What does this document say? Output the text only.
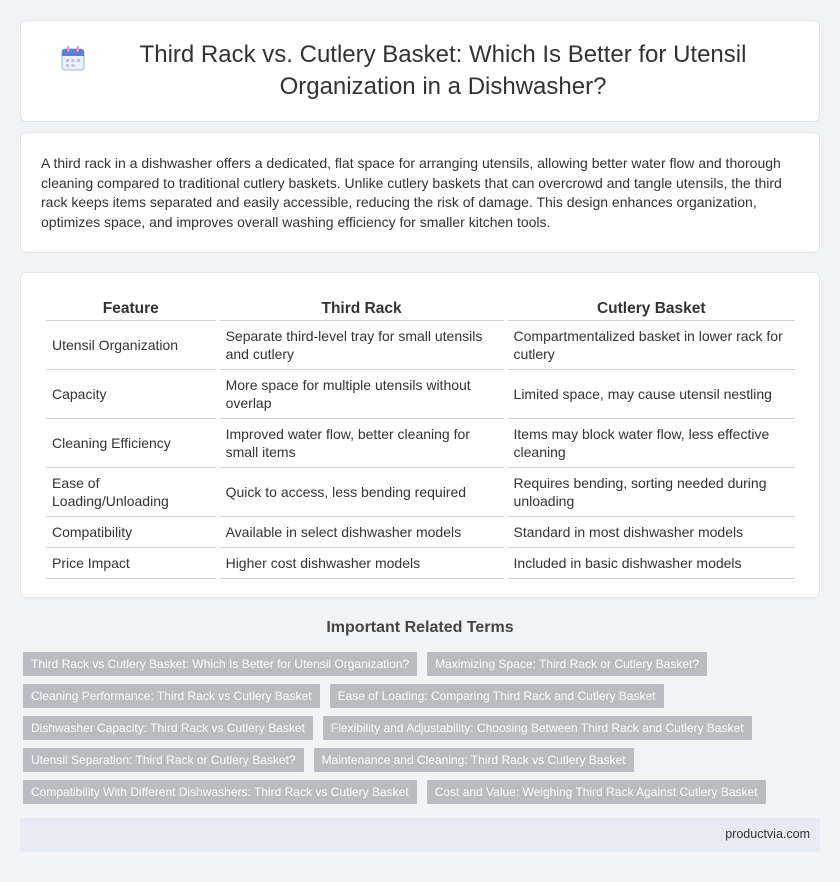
Third Rack vs. Cutlery Basket: Which Is Better for Utensil Organization in a Dishwasher?

A third rack in a dishwasher offers a dedicated, flat space for arranging utensils, allowing better water flow and thorough cleaning compared to traditional cutlery baskets. Unlike cutlery baskets that can overcrowd and tangle utensils, the third rack keeps items separated and easily accessible, reducing the risk of damage. This design enhances organization, optimizes space, and improves overall washing efficiency for smaller kitchen tools.

Feature	Third Rack	Cutlery Basket
Utensil Organization	Separate third-level tray for small utensils and cutlery	Compartmentalized basket in lower rack for cutlery
Capacity	More space for multiple utensils without overlap	Limited space, may cause utensil nestling
Cleaning Efficiency	Improved water flow, better cleaning for small items	Items may block water flow, less effective cleaning
Ease of Loading/Unloading	Quick to access, less bending required	Requires bending, sorting needed during unloading
Compatibility	Available in select dishwasher models	Standard in most dishwasher models
Price Impact	Higher cost dishwasher models	Included in basic dishwasher models
Important Related Terms
Third Rack vs Cutlery Basket: Which Is Better for Utensil Organization?	Maximizing Space: Third Rack or Cutlery Basket?
Cleaning Performance: Third Rack vs Cutlery Basket	Ease of Loading: Comparing Third Rack and Cutlery Basket
Dishwasher Capacity: Third Rack vs Cutlery Basket	Flexibility and Adjustability: Choosing Between Third Rack and Cutlery Basket
Utensil Separation: Third Rack or Cutlery Basket?	Maintenance and Cleaning: Third Rack vs Cutlery Basket
Compatibility With Different Dishwashers: Third Rack vs Cutlery Basket	Cost and Value: Weighing Third Rack Against Cutlery Basket
productvia.com
